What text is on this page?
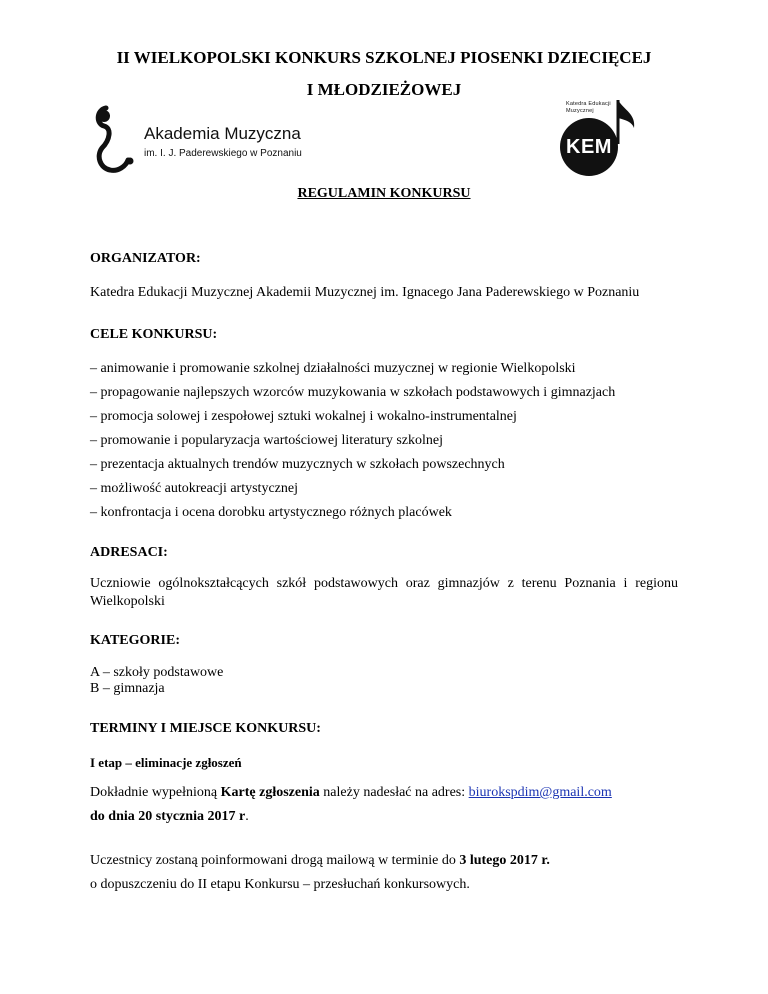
II WIELKOPOLSKI KONKURS SZKOLNEJ PIOSENKI DZIECIĘCEJ
I MŁODZIEŻOWEJ
Akademia Muzyczna
im. I. J. Paderewskiego w Poznaniu
Katedra Edukacji
Muzycznej
KEM
REGULAMIN KONKURSU
ORGANIZATOR:
Katedra Edukacji Muzycznej Akademii Muzycznej im. Ignacego Jana Paderewskiego w Poznaniu
CELE KONKURSU:
– animowanie i promowanie szkolnej działalności muzycznej w regionie Wielkopolski
– propagowanie najlepszych wzorców muzykowania w szkołach podstawowych i gimnazjach
– promocja solowej i zespołowej sztuki wokalnej i wokalno-instrumentalnej
– promowanie i popularyzacja wartościowej literatury szkolnej
– prezentacja aktualnych trendów muzycznych w szkołach powszechnych
– możliwość autokreacji artystycznej
– konfrontacja i ocena dorobku artystycznego różnych placówek
ADRESACI:
Uczniowie ogólnokształcących szkół podstawowych oraz gimnazjów z terenu Poznania i regionu Wielkopolski
KATEGORIE:
A – szkoły podstawowe
B – gimnazja
TERMINY I MIEJSCE KONKURSU:
I etap – eliminacje zgłoszeń
Dokładnie wypełnioną Kartę zgłoszenia należy nadesłać na adres: biurokspdim@gmail.com
do dnia 20 stycznia 2017 r.
Uczestnicy zostaną poinformowani drogą mailową w terminie do 3 lutego 2017 r.
o dopuszczeniu do II etapu Konkursu – przesłuchań konkursowych.
